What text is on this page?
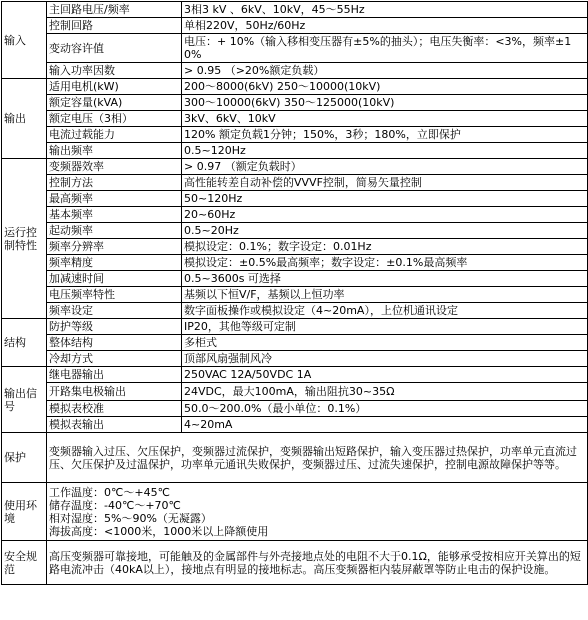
输入	主回路电压/频率	3相3 kV 、6kV、10kV，45～55Hz
	控制回路	单相220V，50Hz/60Hz
	变动容许值	电压：+ 10%（输入移相变压器有±5%的抽头）；电压失衡率：<3%，频率±10%
	输入功率因数	> 0.95 （>20%额定负载）
输出	适用电机(kW)	200～8000(6kV) 250～10000(10kV)
	额定容量(kVA)	300～10000(6kV) 350～125000(10kV)
	额定电压（3相）	3kV、6kV、10kV
	电流过载能力	120% 额定负载1分钟；150%，3秒；180%，立即保护
	输出频率	0.5~120Hz
运行控制特性	变频器效率	> 0.97 （额定负载时）
	控制方法	高性能转差自动补偿的VVVF控制，简易矢量控制
	最高频率	50~120Hz
	基本频率	20~60Hz
	起动频率	0.5~20Hz
	频率分辨率	模拟设定：0.1%；数字设定：0.01Hz
	频率精度	模拟设定：±0.5%最高频率；数字设定：±0.1%最高频率
	加减速时间	0.5~3600s 可选择
	电压频率特性	基频以下恒V/F，基频以上恒功率
	频率设定	数字面板操作或模拟设定（4~20mA），上位机通讯设定
结构	防护等级	IP20，其他等级可定制
	整体结构	多柜式
	冷却方式	顶部风扇强制风冷
输出信号	继电器输出	250VAC 12A/50VDC 1A
	开路集电极输出	24VDC，最大100mA，输出阻抗30~35Ω
	模拟表校准	50.0～200.0%（最小单位：0.1%）
	模拟表输出	4~20mA
保护	变频器输入过压、欠压保护，变频器过流保护，变频器输出短路保护，输入变压器过热保护，功率单元直流过压、欠压保护及过温保护，功率单元通讯失败保护，变频器过压、过流失速保护，控制电源故障保护等等。	
使用环境	工作温度：0℃～+45℃
储存温度：-40℃～+70℃
相对湿度：5%～90%（无凝露）
海拔高度：<1000米，1000米以上降额使用	
安全规范	高压变频器可靠接地，可能触及的金属部件与外壳接地点处的电阻不大于0.1Ω，能够承受按相应开关算出的短路电流冲击（40kA以上），接地点有明显的接地标志。高压变频器柜内装屏蔽罩等防止电击的保护设施。	
